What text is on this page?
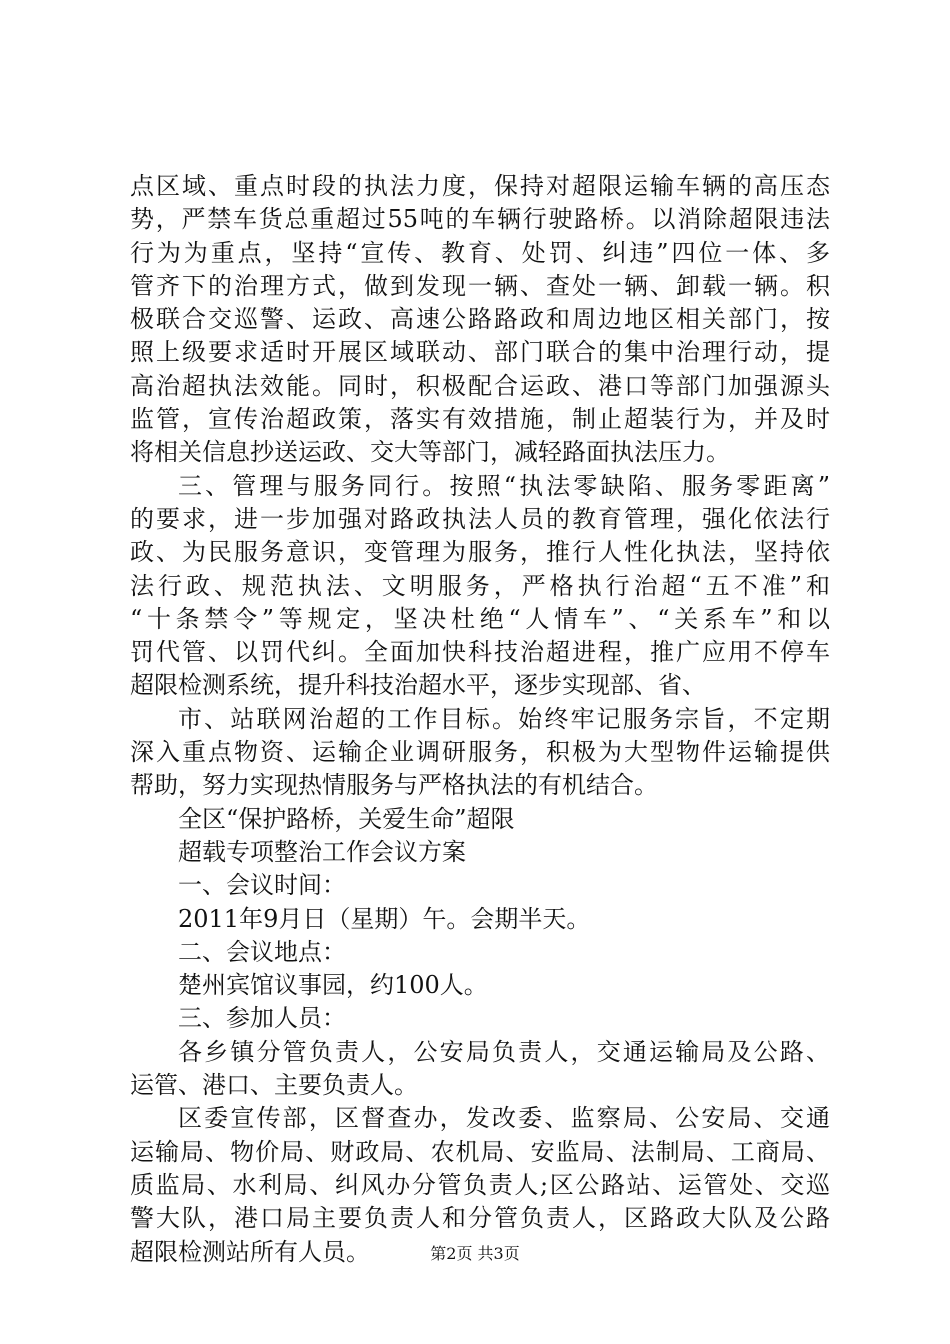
点区域、重点时段的执法力度，保持对超限运输车辆的高压态
势，严禁车货总重超过55吨的车辆行驶路桥。以消除超限违法
行为为重点，坚持“宣传、教育、处罚、纠违”四位一体、多
管齐下的治理方式，做到发现一辆、查处一辆、卸载一辆。积
极联合交巡警、运政、高速公路路政和周边地区相关部门，按
照上级要求适时开展区域联动、部门联合的集中治理行动，提
高治超执法效能。同时，积极配合运政、港口等部门加强源头
监管，宣传治超政策，落实有效措施，制止超装行为，并及时
将相关信息抄送运政、交大等部门，减轻路面执法压力。
三、管理与服务同行。按照“执法零缺陷、服务零距离”
的要求，进一步加强对路政执法人员的教育管理，强化依法行
政、为民服务意识，变管理为服务，推行人性化执法，坚持依
法行政、规范执法、文明服务，严格执行治超“五不准”和
“十条禁令”等规定，坚决杜绝“人情车”、“关系车”和以
罚代管、以罚代纠。全面加快科技治超进程，推广应用不停车
超限检测系统，提升科技治超水平，逐步实现部、省、
市、站联网治超的工作目标。始终牢记服务宗旨，不定期
深入重点物资、运输企业调研服务，积极为大型物件运输提供
帮助，努力实现热情服务与严格执法的有机结合。
全区“保护路桥，关爱生命”超限
超载专项整治工作会议方案
一、会议时间：
2011年9月日（星期）午。会期半天。
二、会议地点：
楚州宾馆议事园，约100人。
三、参加人员：
各乡镇分管负责人，公安局负责人，交通运输局及公路、
运管、港口、主要负责人。
区委宣传部，区督查办，发改委、监察局、公安局、交通
运输局、物价局、财政局、农机局、安监局、法制局、工商局、
质监局、水利局、纠风办分管负责人;区公路站、运管处、交巡
警大队，港口局主要负责人和分管负责人，区路政大队及公路
超限检测站所有人员。	第2页 共3页
